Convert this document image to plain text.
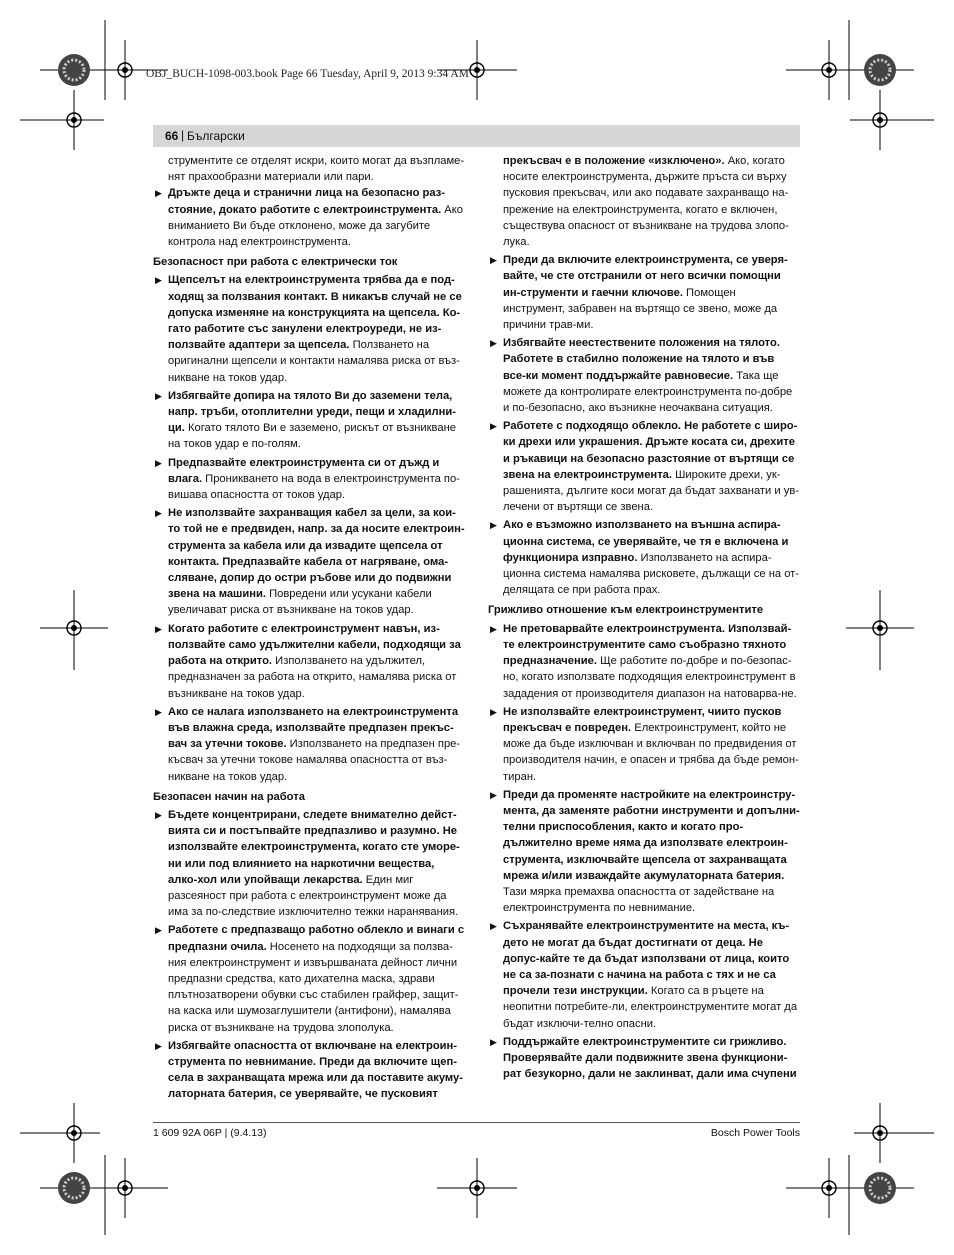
OBJ_BUCH-1098-003.book Page 66 Tuesday, April 9, 2013 9:34 AM
66 | Български

струментите се отделят искри, които могат да възпламе-нят прахообразни материали или пари.

▶ Дръжте деца и странични лица на безопасно раз-стояние, докато работите с електроинструмента. Ако вниманието Ви бъде отклонено, може да загубите контрола над електроинструмента.
Безопасност при работа с електрически ток
▶ Щепселът на електроинструмента трябва да е под-ходящ за ползвания контакт. В никакъв случай не се допуска изменяне на конструкцията на щепсела. Ко-гато работите със занулени електроуреди, не из-ползвайте адаптери за щепсела. Ползването на оригинални щепсели и контакти намалява риска от въз-никване на токов удар.
▶ Избягвайте допира на тялото Ви до заземени тела, напр. тръби, отоплителни уреди, пещи и хладилни-ци. Когато тялото Ви е заземено, рискът от възникване на токов удар е по-голям.
▶ Предпазвайте електроинструмента си от дъжд и влага. Проникването на вода в електроинструмента по-вишава опасността от токов удар.
▶ Не използвайте захранващия кабел за цели, за кои-то той не е предвиден, напр. за да носите електроин-струмента за кабела или да извадите щепсела от контакта. Предпазвайте кабела от нагряване, ома-сляване, допир до остри ръбове или до подвижни звена на машини. Повредени или усукани кабели увеличават риска от възникване на токов удар.
▶ Когато работите с електроинструмент навън, из-ползвайте само удължителни кабели, подходящи за работа на открито. Използването на удължител, предназначен за работа на открито, намалява риска от възникване на токов удар.
▶ Ако се налага използването на електроинструмента във влажна среда, използвайте предпазен прекъс-вач за утечни токове. Използването на предпазен пре-късвач за утечни токове намалява опасността от въз-никване на токов удар.
Безопасен начин на работа
▶ Бъдете концентрирани, следете внимателно дейст-вията си и постъпвайте предпазливо и разумно. Не използвайте електроинструмента, когато сте уморе-ни или под влиянието на наркотични вещества, алко-хол или упойващи лекарства. Един миг разсеяност при работа с електроинструмент може да има за по-следствие изключително тежки наранявания.
▶ Работете с предпазващо работно облекло и винаги с предпазни очила. Носенето на подходящи за ползва-ния електроинструмент и извършваната дейност лични предпазни средства, като дихателна маска, здрави плътнозатворени обувки със стабилен грайфер, защит-на каска или шумозаглушители (антифони), намалява риска от възникване на трудова злополука.
▶ Избягвайте опасността от включване на електроин-струмента по невнимание. Преди да включите щеп-села в захранващата мрежа или да поставите акуму-латорната батерия, се уверявайте, че пусковият
прекъсвач е в положение «изключено». Ако, когато носите електроинструмента, държите пръста си върху пусковия прекъсвач, или ако подавате захранващо на-прежение на електроинструмента, когато е включен, съществува опасност от възникване на трудова злопо-лука.
▶ Преди да включите електроинструмента, се уверя-вайте, че сте отстранили от него всички помощни ин-струменти и гаечни ключове. Помощен инструмент, забравен на въртящо се звено, може да причини трав-ми.
▶ Избягвайте неестествените положения на тялото. Работете в стабилно положение на тялото и във все-ки момент поддържайте равновесие. Така ще можете да контролирате електроинструмента по-добре и по-безопасно, ако възникне неочаквана ситуация.
▶ Работете с подходящо облекло. Не работете с широ-ки дрехи или украшения. Дръжте косата си, дрехите и ръкавици на безопасно разстояние от въртящи се звена на електроинструмента. Широките дрехи, ук-рашенията, дългите коси могат да бъдат захванати и ув-лечени от въртящи се звена.
▶ Ако е възможно използването на външна аспира-ционна система, се уверявайте, че тя е включена и функционира изправно. Използването на аспира-ционна система намалява рисковете, дължащи се на от-делящата се при работа прах.
Грижливо отношение към електроинструментите
▶ Не претоварвайте електроинструмента. Използвай-те електроинструментите само съобразно тяхното предназначение. Ще работите по-добре и по-безопас-но, когато използвате подходящия електроинструмент в зададения от производителя диапазон на натоварва-не.
▶ Не използвайте електроинструмент, чиито пусков прекъсвач е повреден. Електроинструмент, който не може да бъде изключван и включван по предвидения от производителя начин, е опасен и трябва да бъде ремон-тиран.
▶ Преди да променяте настройките на електроинстру-мента, да заменяте работни инструменти и допълни-телни приспособления, както и когато про-дължително време няма да използвате електроин-струмента, изключвайте щепсела от захранващата мрежа и/или изваждайте акумулаторната батерия. Тази мярка премахва опасността от задействане на електроинструмента по невнимание.
▶ Съхранявайте електроинструментите на места, къ-дето не могат да бъдат достигнати от деца. Не допус-кайте те да бъдат използвани от лица, които не са за-познати с начина на работа с тях и не са прочели тези инструкции. Когато са в ръцете на неопитни потребите-ли, електроинструментите могат да бъдат изключи-телно опасни.
▶ Поддържайте електроинструментите си грижливо. Проверявайте дали подвижните звена функциони-рат безукорно, дали не заклинват, дали има счупени
1 609 92A 06P | (9.4.13)	Bosch Power Tools
